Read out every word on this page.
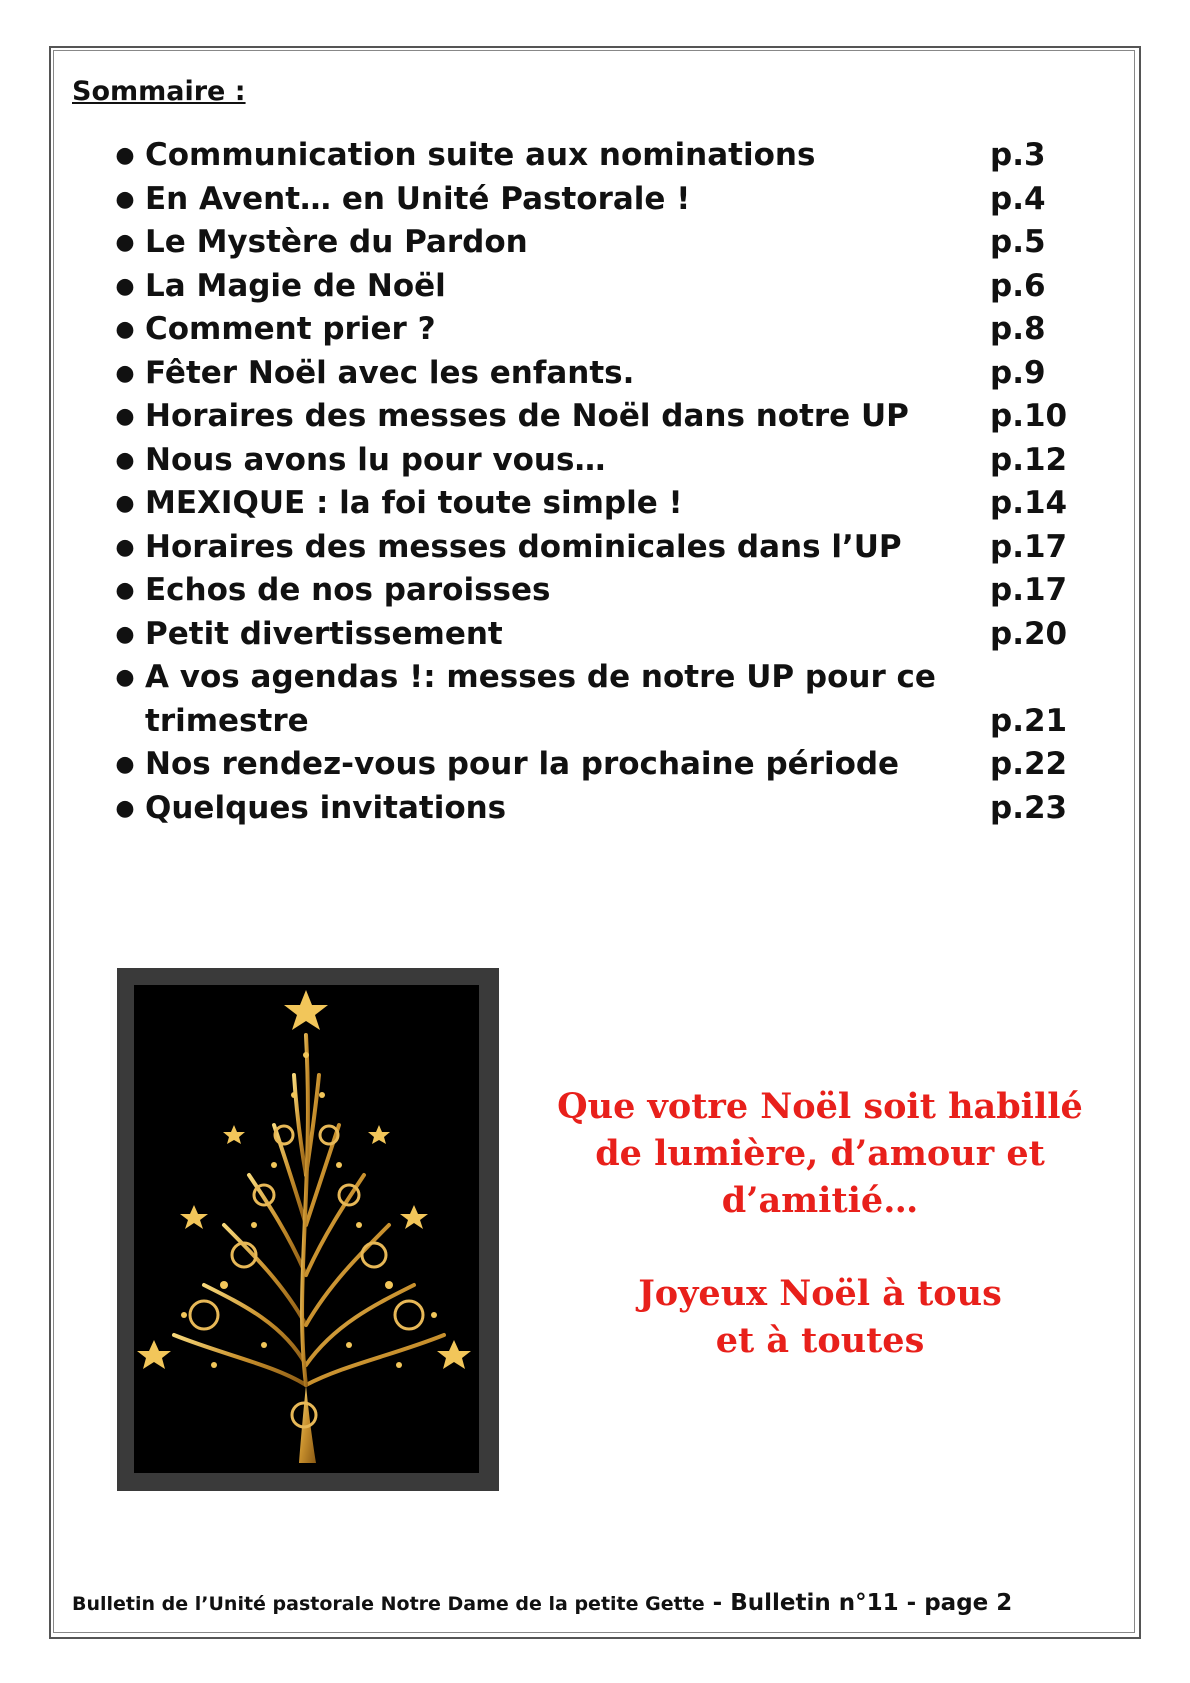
Sommaire :
● Communication suite aux nominations	p.3
● En Avent… en Unité Pastorale !	p.4
● Le Mystère du Pardon	p.5
● La Magie de Noël	p.6
● Comment prier ?	p.8
● Fêter Noël avec les enfants.	p.9
● Horaires des messes de Noël dans notre UP	p.10
● Nous avons lu pour vous…	p.12
● MEXIQUE : la foi toute simple !	p.14
● Horaires des messes dominicales dans l’UP	p.17
● Echos de nos paroisses	p.17
● Petit divertissement	p.20
● A vos agendas !: messes de notre UP pour ce
trimestre	p.21
● Nos rendez-vous pour la prochaine période	p.22
● Quelques invitations	p.23
Que votre Noël soit habillé
de lumière, d’amour et
d’amitié…
Joyeux Noël à tous
et à toutes
Bulletin de l’Unité pastorale Notre Dame de la petite Gette - Bulletin n°11 - page 2
